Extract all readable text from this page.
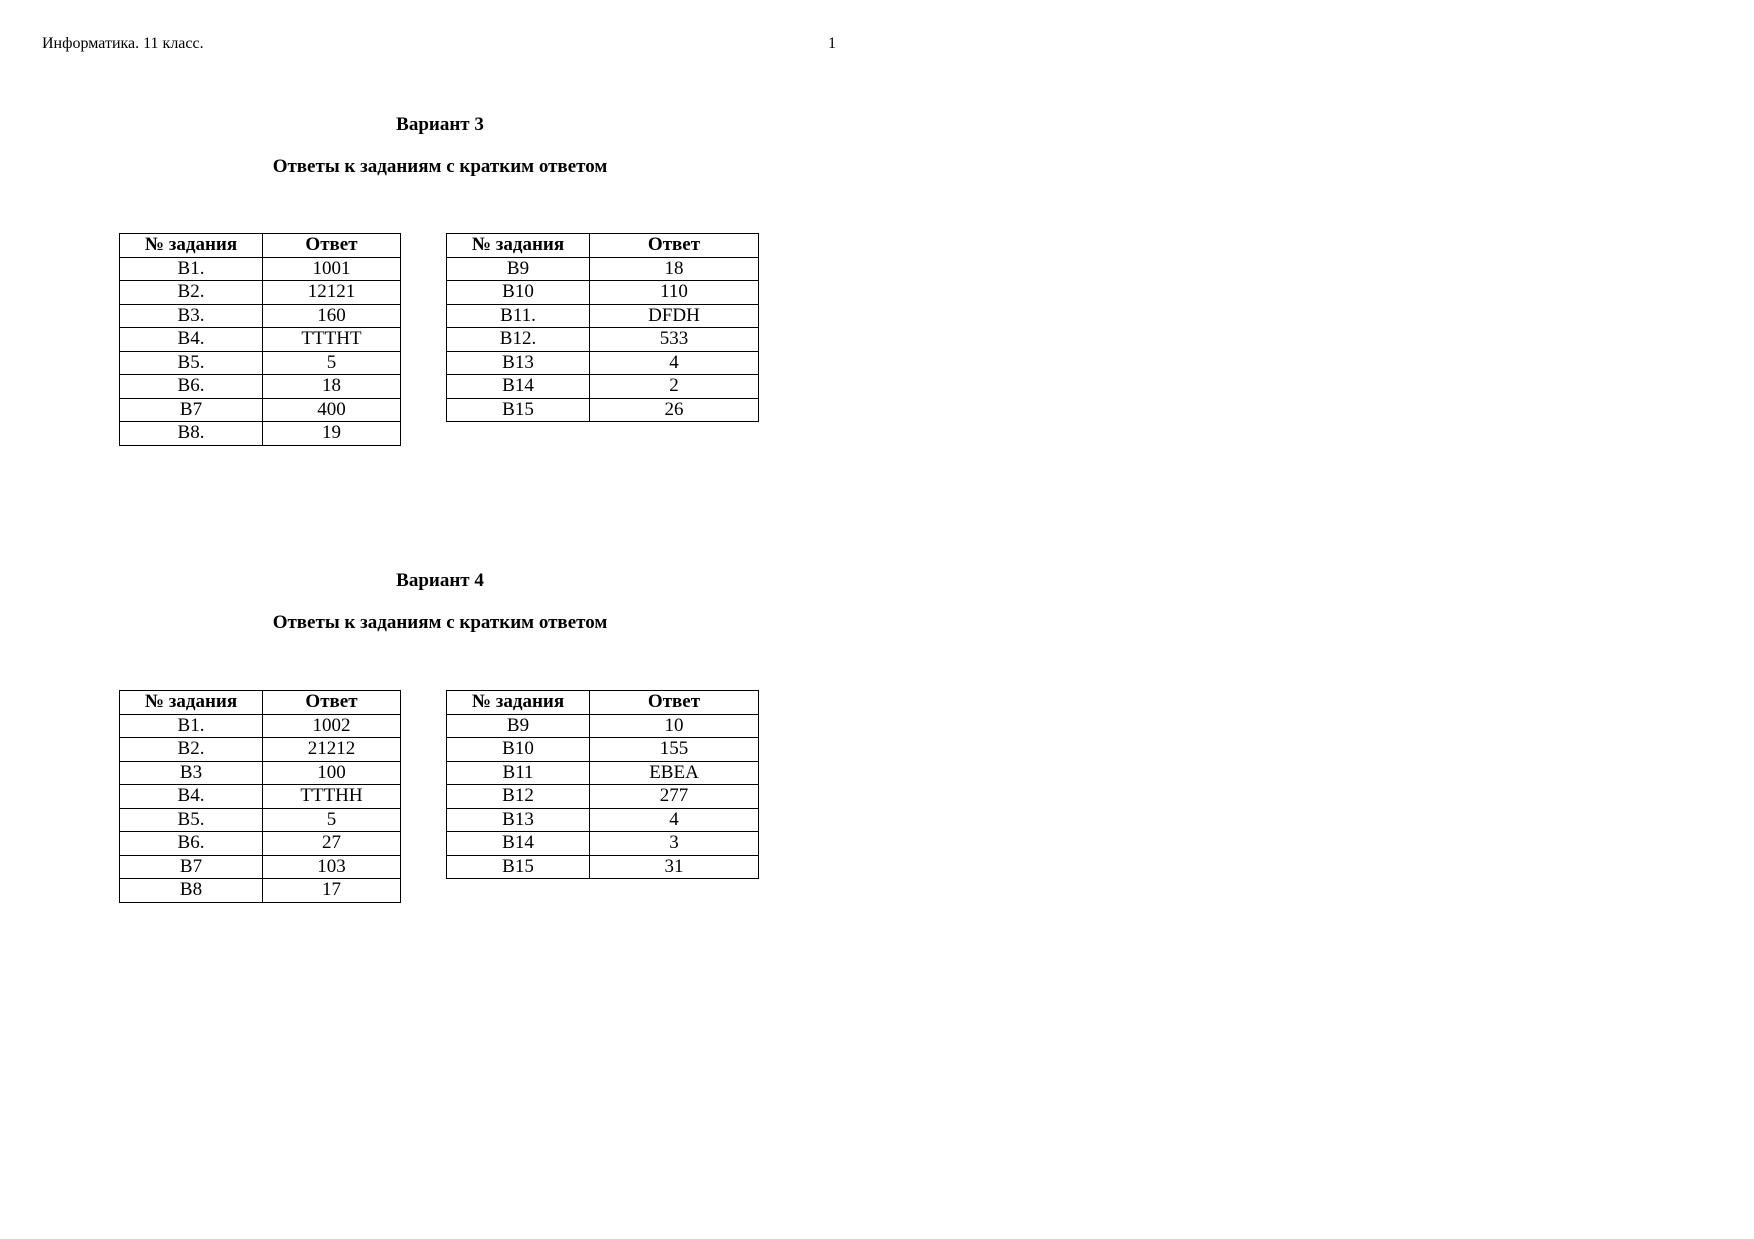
Информатика. 11 класс.	1
Вариант 3
Ответы к заданиям с кратким ответом
№ задания	Ответ
B1.	1001
B2.	12121
B3.	160
B4.	ТТТНТ
B5.	5
B6.	18
B7	400
B8.	19
№ задания	Ответ
B9	18
B10	110
B11.	DFDH
B12.	533
B13	4
B14	2
B15	26
Вариант 4
Ответы к заданиям с кратким ответом
№ задания	Ответ
B1.	1002
B2.	21212
B3	100
B4.	ТТТНН
B5.	5
B6.	27
B7	103
B8	17
№ задания	Ответ
B9	10
B10	155
B11	EBEA
B12	277
B13	4
B14	3
B15	31
